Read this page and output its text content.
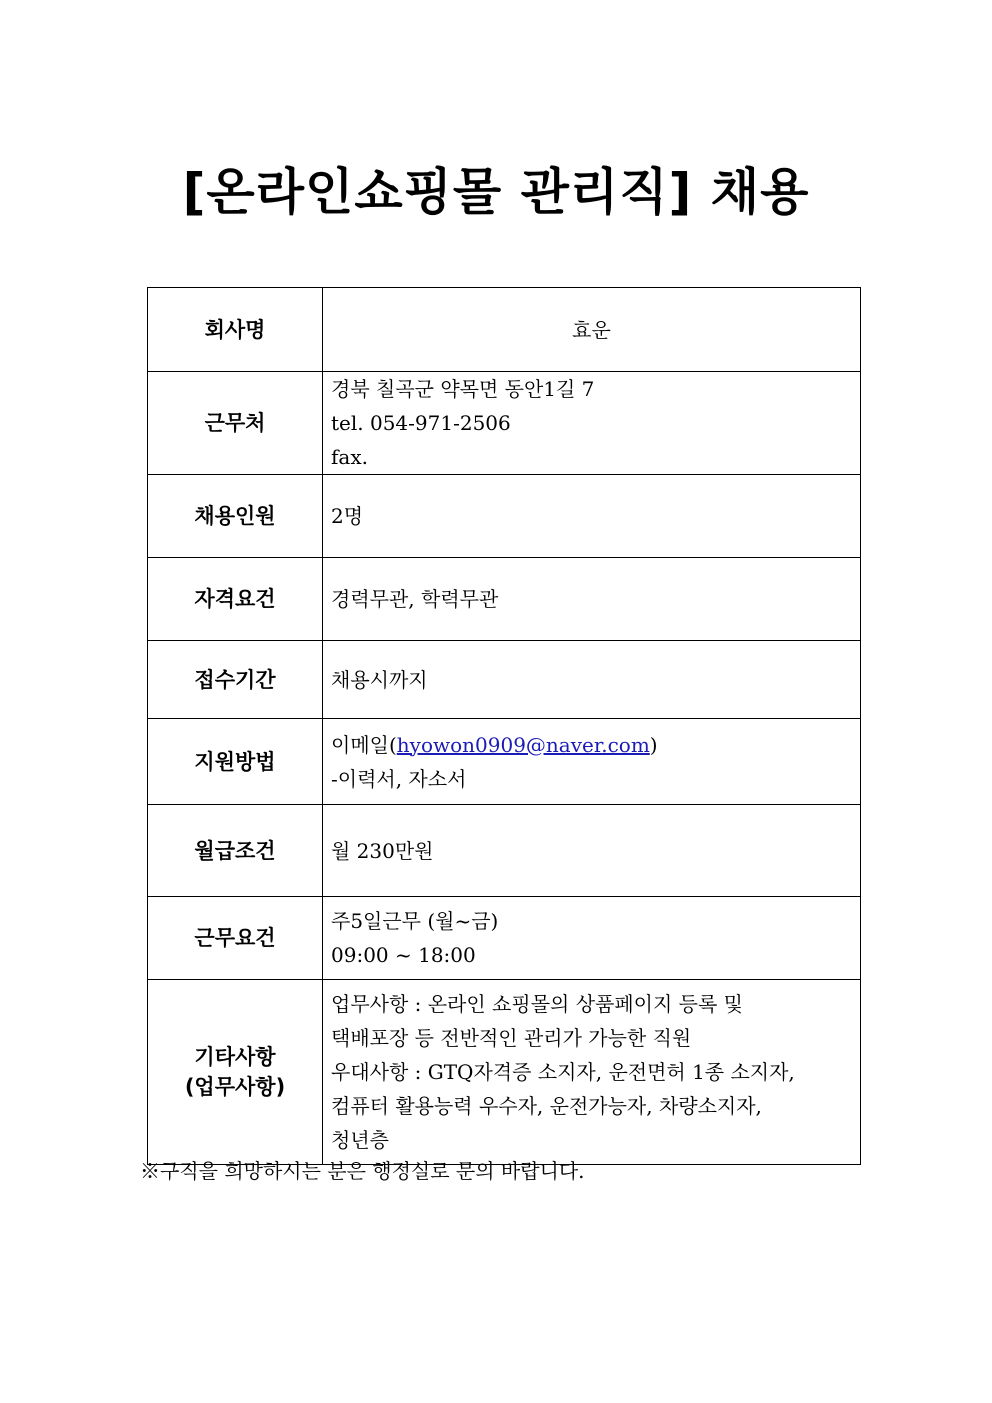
[온라인쇼핑몰 관리직] 채용
회사명	효운
근무처	경북 칠곡군 약목면 동안1길 7
tel. 054-971-2506
fax.

채용인원	2명
자격요건	경력무관, 학력무관
접수기간	채용시까지
지원방법	이메일(hyowon0909@naver.com)
-이력서, 자소서

월급조건	월 230만원
근무요건	주5일근무 (월~금)
09:00 ~ 18:00

기타사항
(업무사항)	업무사항 : 온라인 쇼핑몰의 상품페이지 등록 및
택배포장 등 전반적인 관리가 가능한 직원
우대사항 : GTQ자격증 소지자, 운전면허 1종 소지자,
컴퓨터 활용능력 우수자, 운전가능자, 차량소지자,
청년층
※구직을 희망하시는 분은 행정실로 문의 바랍니다.
